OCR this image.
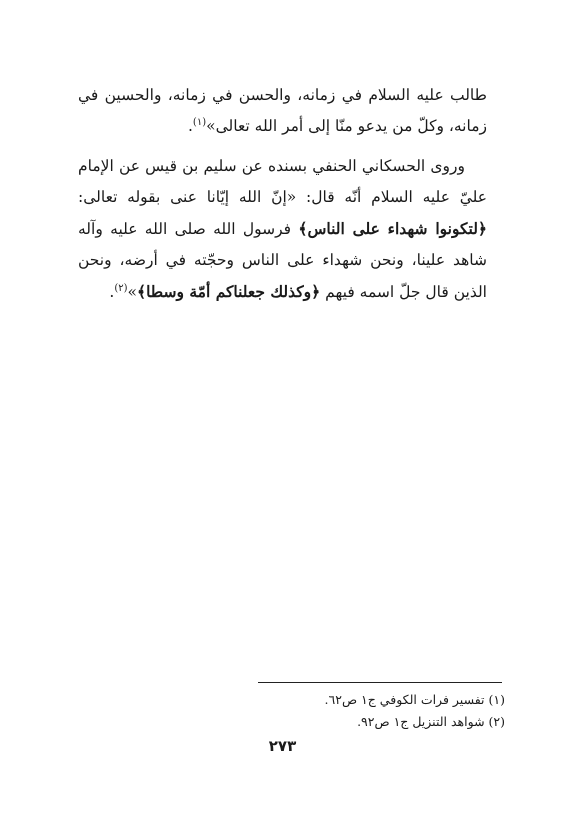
طالب عليه السلام في زمانه، والحسن في زمانه، والحسين في زمانه، وكلّ من يدعو منّا إلى أمر الله تعالى»$^{(١)}$.

وروى الحسكاني الحنفي بسنده عن سليم بن قيس عن الإمام عليّ عليه السلام أنّه قال: «إنّ الله إيّانا عنى بقوله تعالى: ﴿لتكونوا شهداء على الناس﴾ فرسول الله صلى الله عليه وآله شاهد علينا، ونحن شهداء على الناس وحجّته في أرضه، ونحن الذين قال جلّ اسمه فيهم ﴿وكذلك جعلناكم أمّة وسطا﴾»$^{(٢)}$.

(١) تفسير فرات الكوفي ج١ ص٦٢.

(٢) شواهد التنزيل ج١ ص٩٢.

٢٧٣
